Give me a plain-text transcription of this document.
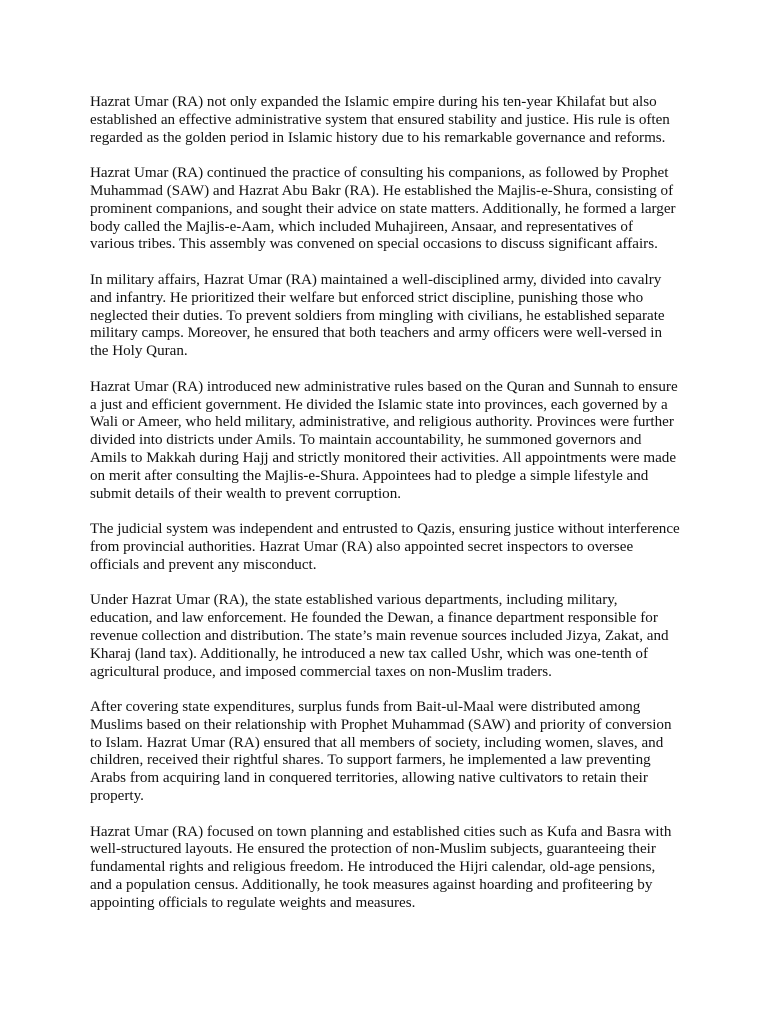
Hazrat Umar (RA) not only expanded the Islamic empire during his ten-year Khilafat but also established an effective administrative system that ensured stability and justice. His rule is often regarded as the golden period in Islamic history due to his remarkable governance and reforms.

Hazrat Umar (RA) continued the practice of consulting his companions, as followed by Prophet Muhammad (SAW) and Hazrat Abu Bakr (RA). He established the Majlis-e-Shura, consisting of prominent companions, and sought their advice on state matters. Additionally, he formed a larger body called the Majlis-e-Aam, which included Muhajireen, Ansaar, and representatives of various tribes. This assembly was convened on special occasions to discuss significant affairs.

In military affairs, Hazrat Umar (RA) maintained a well-disciplined army, divided into cavalry and infantry. He prioritized their welfare but enforced strict discipline, punishing those who neglected their duties. To prevent soldiers from mingling with civilians, he established separate military camps. Moreover, he ensured that both teachers and army officers were well-versed in the Holy Quran.

Hazrat Umar (RA) introduced new administrative rules based on the Quran and Sunnah to ensure a just and efficient government. He divided the Islamic state into provinces, each governed by a Wali or Ameer, who held military, administrative, and religious authority. Provinces were further divided into districts under Amils. To maintain accountability, he summoned governors and Amils to Makkah during Hajj and strictly monitored their activities. All appointments were made on merit after consulting the Majlis-e-Shura. Appointees had to pledge a simple lifestyle and submit details of their wealth to prevent corruption.

The judicial system was independent and entrusted to Qazis, ensuring justice without interference from provincial authorities. Hazrat Umar (RA) also appointed secret inspectors to oversee officials and prevent any misconduct.

Under Hazrat Umar (RA), the state established various departments, including military, education, and law enforcement. He founded the Dewan, a finance department responsible for revenue collection and distribution. The state’s main revenue sources included Jizya, Zakat, and Kharaj (land tax). Additionally, he introduced a new tax called Ushr, which was one-tenth of agricultural produce, and imposed commercial taxes on non-Muslim traders.

After covering state expenditures, surplus funds from Bait-ul-Maal were distributed among Muslims based on their relationship with Prophet Muhammad (SAW) and priority of conversion to Islam. Hazrat Umar (RA) ensured that all members of society, including women, slaves, and children, received their rightful shares. To support farmers, he implemented a law preventing Arabs from acquiring land in conquered territories, allowing native cultivators to retain their property.

Hazrat Umar (RA) focused on town planning and established cities such as Kufa and Basra with well-structured layouts. He ensured the protection of non-Muslim subjects, guaranteeing their fundamental rights and religious freedom. He introduced the Hijri calendar, old-age pensions, and a population census. Additionally, he took measures against hoarding and profiteering by appointing officials to regulate weights and measures.
